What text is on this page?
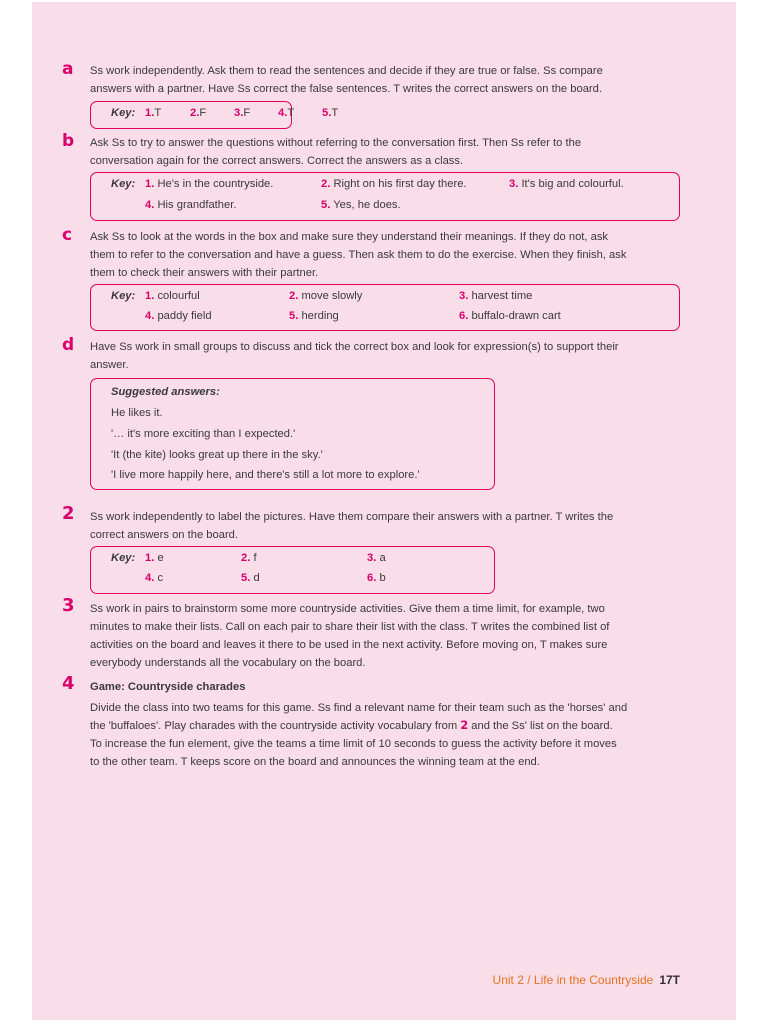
a Ss work independently. Ask them to read the sentences and decide if they are true or false. Ss compare
answers with a partner. Have Ss correct the false sentences. T writes the correct answers on the board.
Key: 1.T	2.F 3.F 4.T 5.T
b Ask Ss to try to answer the questions without referring to the conversation first. Then Ss refer to the
conversation again for the correct answers. Correct the answers as a class.
Key: 1. He's in the countryside.	2. Right on his first day there.	3. It's big and colourful.
4. His grandfather.	5. Yes, he does.
c Ask Ss to look at the words in the box and make sure they understand their meanings. If they do not, ask
them to refer to the conversation and have a guess. Then ask them to do the exercise. When they finish, ask
them to check their answers with their partner.
Key: 1. colourful	2. move slowly	3. harvest time
4. paddy field	5. herding	6. buffalo-drawn cart
d Have Ss work in small groups to discuss and tick the correct box and look for expression(s) to support their
answer.
Suggested answers:
He likes it.
'… it's more exciting than I expected.'
'It (the kite) looks great up there in the sky.'
'I live more happily here, and there's still a lot more to explore.'
2 Ss work independently to label the pictures. Have them compare their answers with a partner. T writes the
correct answers on the board.
Key: 1. e	2. f	3. a
4. c	5. d	6. b
3 Ss work in pairs to brainstorm some more countryside activities. Give them a time limit, for example, two
minutes to make their lists. Call on each pair to share their list with the class. T writes the combined list of
activities on the board and leaves it there to be used in the next activity. Before moving on, T makes sure
everybody understands all the vocabulary on the board.
4 Game: Countryside charades
Divide the class into two teams for this game. Ss find a relevant name for their team such as the 'horses' and
the 'buffaloes'. Play charades with the countryside activity vocabulary from 2 and the Ss' list on the board.
To increase the fun element, give the teams a time limit of 10 seconds to guess the activity before it moves
to the other team. T keeps score on the board and announces the winning team at the end.
Unit 2 / Life in the Countryside 17T
